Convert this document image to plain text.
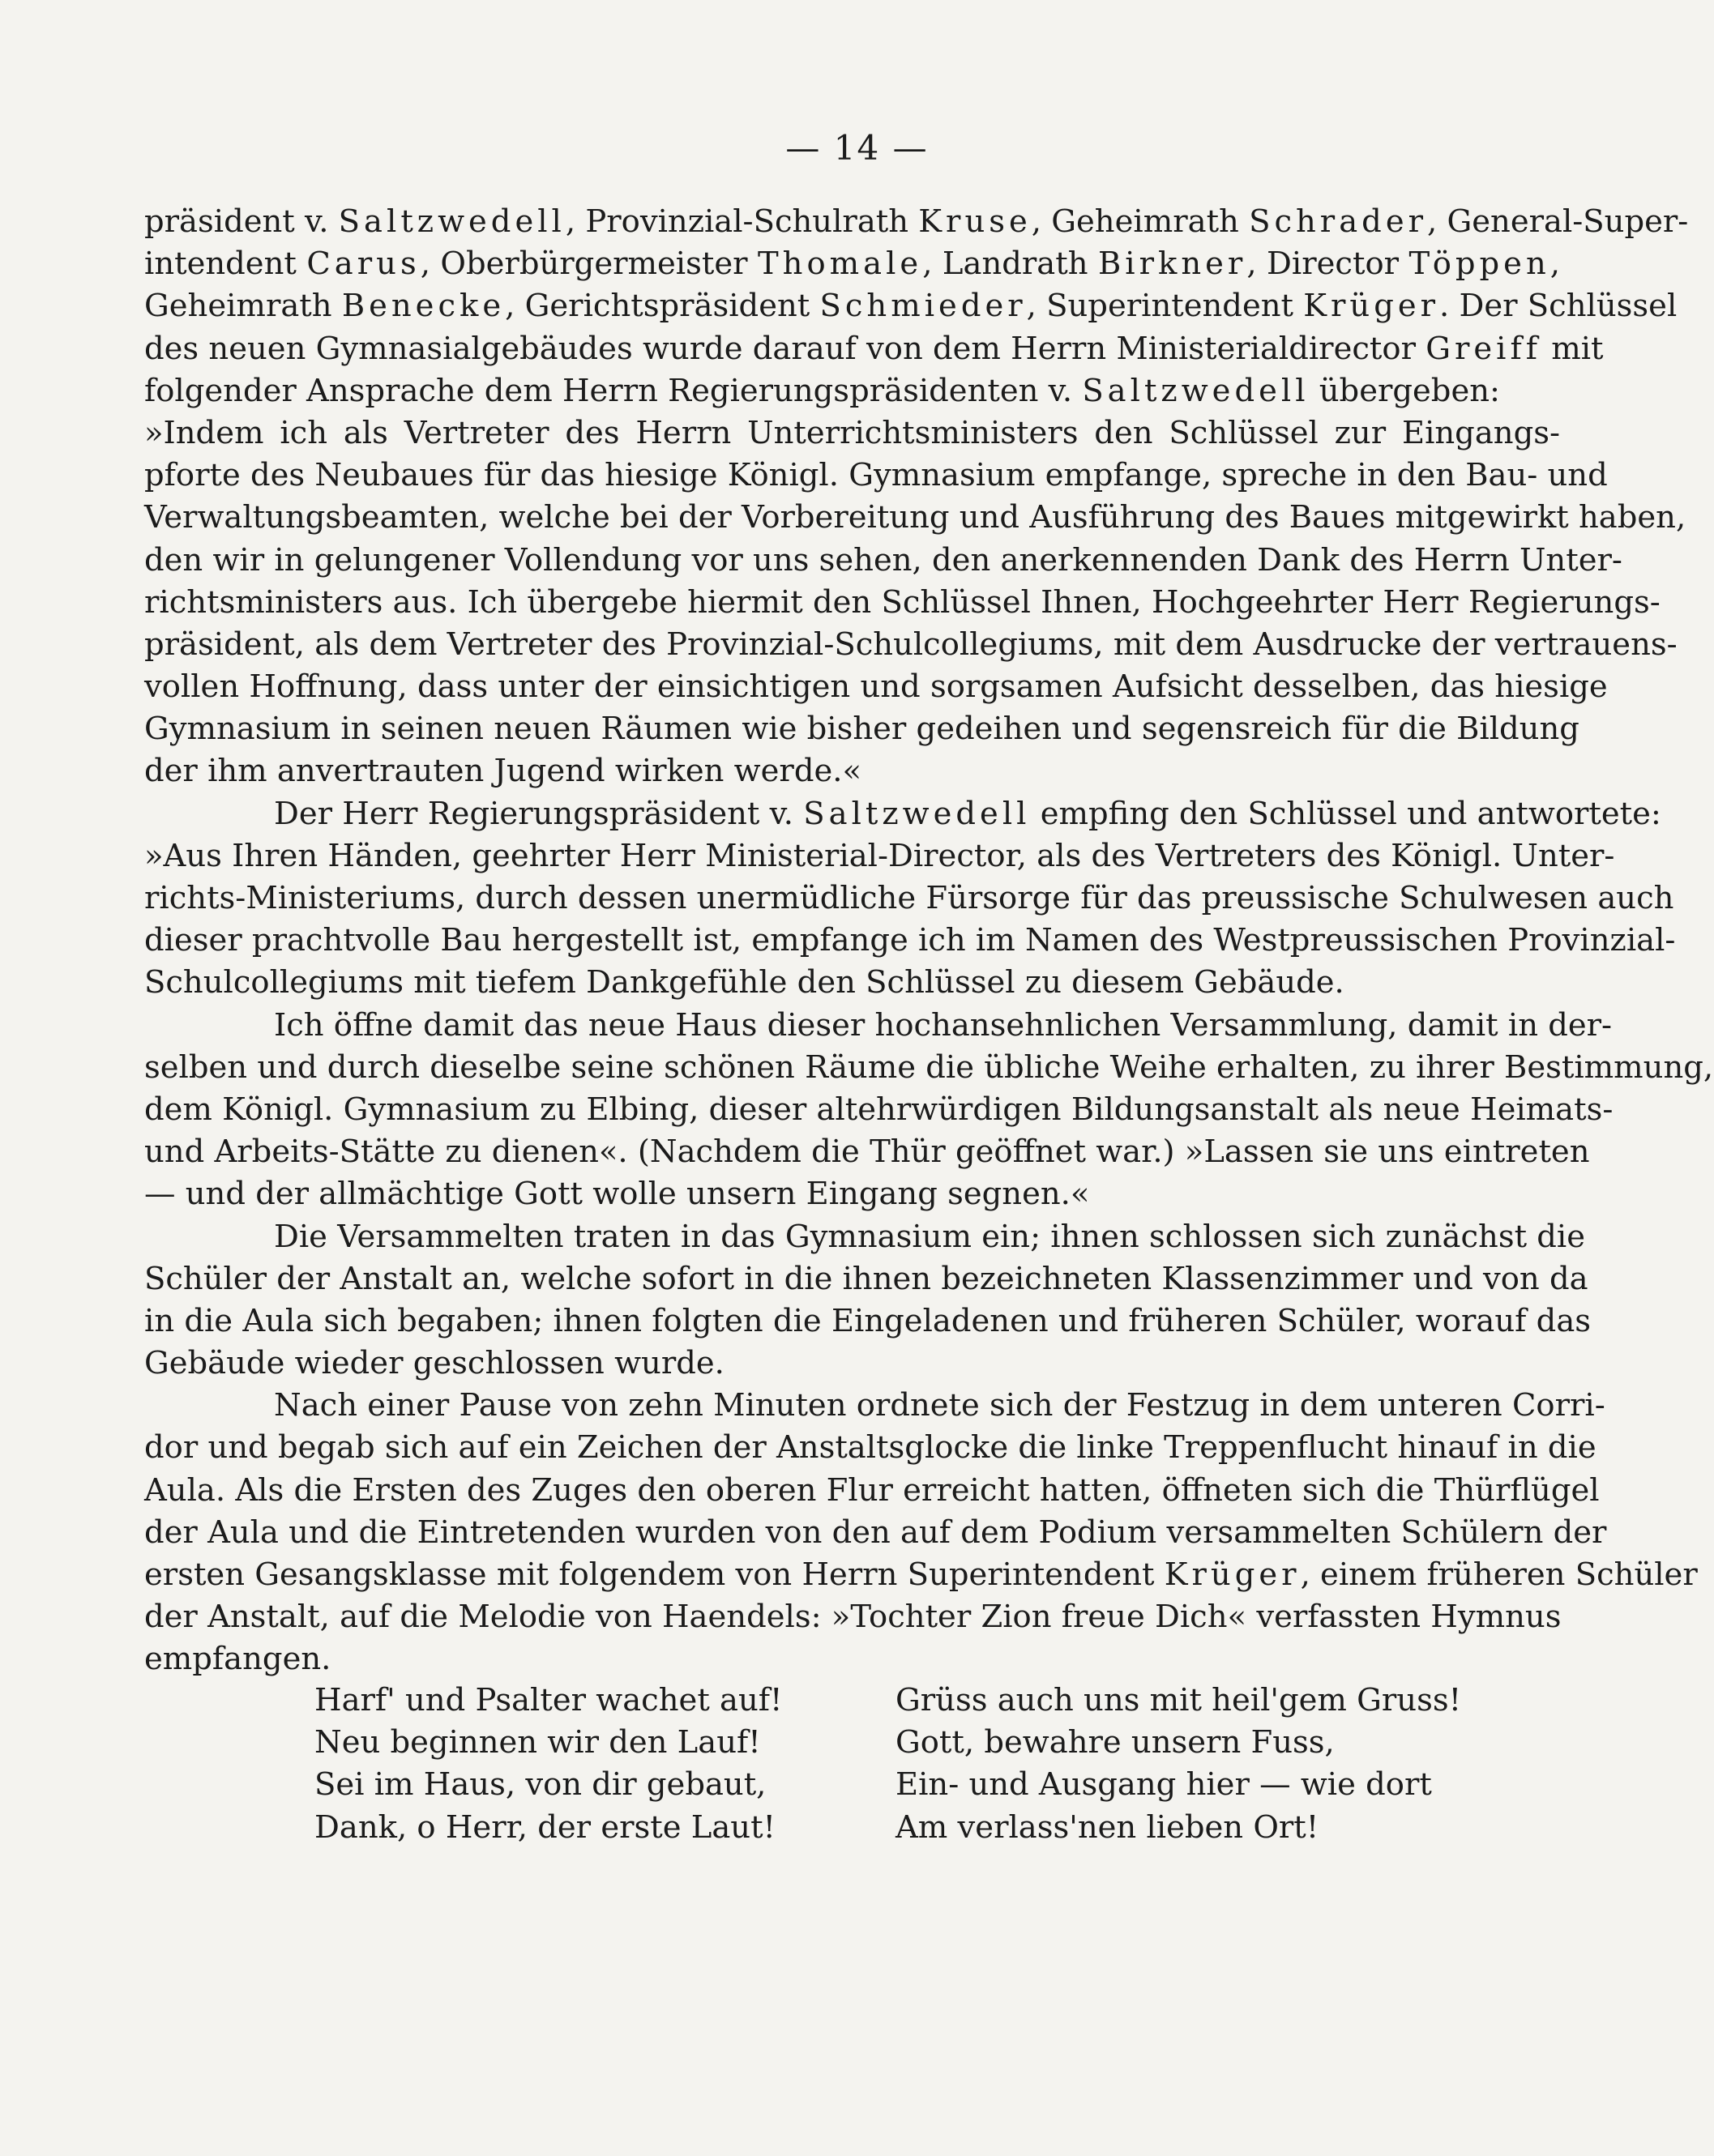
— 14 —
präsident v. Saltzwedell, Provinzial-Schulrath Kruse, Geheimrath Schrader, General-Super-
intendent Carus, Oberbürgermeister Thomale, Landrath Birkner, Director Töppen,
Geheimrath Benecke, Gerichtspräsident Schmieder, Superintendent Krüger. Der Schlüssel
des neuen Gymnasialgebäudes wurde darauf von dem Herrn Ministerialdirector Greiff mit
folgender Ansprache dem Herrn Regierungspräsidenten v. Saltzwedell übergeben:
»Indem ich als Vertreter des Herrn Unterrichtsministers den Schlüssel zur Eingangs-
pforte des Neubaues für das hiesige Königl. Gymnasium empfange, spreche in den Bau- und
Verwaltungsbeamten, welche bei der Vorbereitung und Ausführung des Baues mitgewirkt haben,
den wir in gelungener Vollendung vor uns sehen, den anerkennenden Dank des Herrn Unter-
richtsministers aus. Ich übergebe hiermit den Schlüssel Ihnen, Hochgeehrter Herr Regierungs-
präsident, als dem Vertreter des Provinzial-Schulcollegiums, mit dem Ausdrucke der vertrauens-
vollen Hoffnung, dass unter der einsichtigen und sorgsamen Aufsicht desselben, das hiesige
Gymnasium in seinen neuen Räumen wie bisher gedeihen und segensreich für die Bildung
der ihm anvertrauten Jugend wirken werde.«
Der Herr Regierungspräsident v. Saltzwedell empfing den Schlüssel und antwortete:
»Aus Ihren Händen, geehrter Herr Ministerial-Director, als des Vertreters des Königl. Unter-
richts-Ministeriums, durch dessen unermüdliche Fürsorge für das preussische Schulwesen auch
dieser prachtvolle Bau hergestellt ist, empfange ich im Namen des Westpreussischen Provinzial-
Schulcollegiums mit tiefem Dankgefühle den Schlüssel zu diesem Gebäude.
Ich öffne damit das neue Haus dieser hochansehnlichen Versammlung, damit in der-
selben und durch dieselbe seine schönen Räume die übliche Weihe erhalten, zu ihrer Bestimmung,
dem Königl. Gymnasium zu Elbing, dieser altehrwürdigen Bildungsanstalt als neue Heimats-
und Arbeits-Stätte zu dienen«. (Nachdem die Thür geöffnet war.) »Lassen sie uns eintreten
— und der allmächtige Gott wolle unsern Eingang segnen.«
Die Versammelten traten in das Gymnasium ein; ihnen schlossen sich zunächst die
Schüler der Anstalt an, welche sofort in die ihnen bezeichneten Klassenzimmer und von da
in die Aula sich begaben; ihnen folgten die Eingeladenen und früheren Schüler, worauf das
Gebäude wieder geschlossen wurde.
Nach einer Pause von zehn Minuten ordnete sich der Festzug in dem unteren Corri-
dor und begab sich auf ein Zeichen der Anstaltsglocke die linke Treppenflucht hinauf in die
Aula. Als die Ersten des Zuges den oberen Flur erreicht hatten, öffneten sich die Thürflügel
der Aula und die Eintretenden wurden von den auf dem Podium versammelten Schülern der
ersten Gesangsklasse mit folgendem von Herrn Superintendent Krüger, einem früheren Schüler
der Anstalt, auf die Melodie von Haendels: »Tochter Zion freue Dich« verfassten Hymnus
empfangen.
Harf' und Psalter wachet auf!
Neu beginnen wir den Lauf!
Sei im Haus, von dir gebaut,
Dank, o Herr, der erste Laut!
Grüss auch uns mit heil'gem Gruss!
Gott, bewahre unsern Fuss,
Ein- und Ausgang hier — wie dort
Am verlass'nen lieben Ort!
